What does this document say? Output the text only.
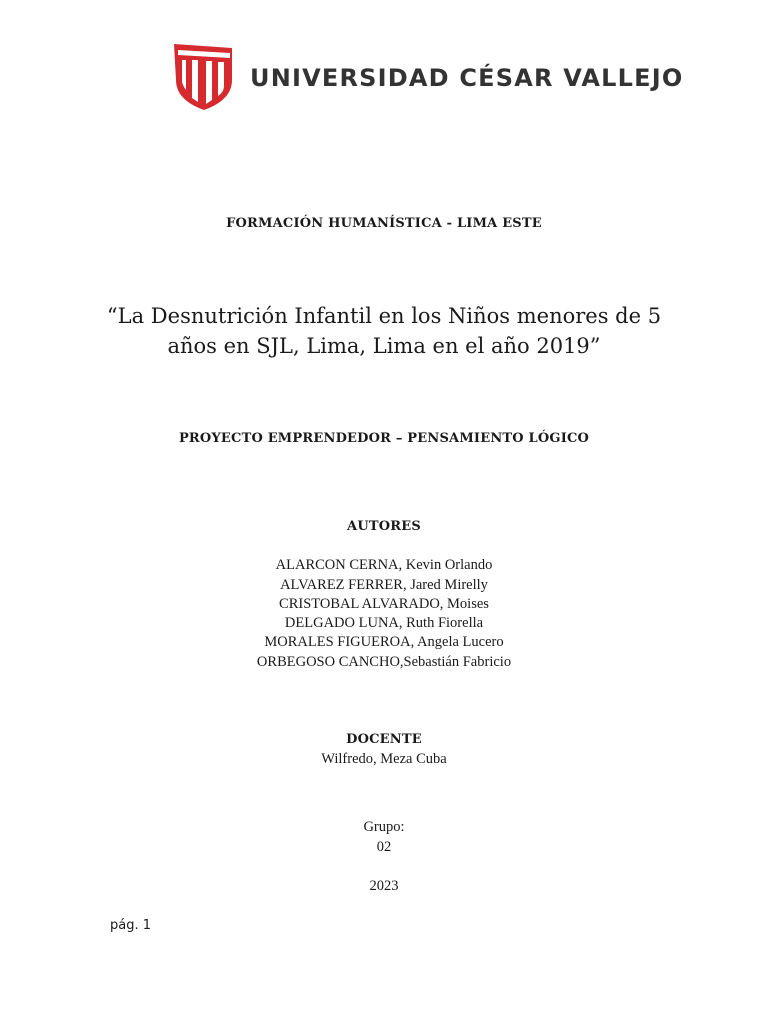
UNIVERSIDAD CÉSAR VALLEJO
FORMACIÓN HUMANÍSTICA - LIMA ESTE
“La Desnutrición Infantil en los Niños menores de 5
años en SJL, Lima, Lima en el año 2019”
PROYECTO EMPRENDEDOR – PENSAMIENTO LÓGICO
AUTORES
ALARCON CERNA, Kevin Orlando
ALVAREZ FERRER, Jared Mirelly
CRISTOBAL ALVARADO, Moises
DELGADO LUNA, Ruth Fiorella
MORALES FIGUEROA, Angela Lucero
ORBEGOSO CANCHO,Sebastián Fabricio
DOCENTE
Wilfredo, Meza Cuba
Grupo:
02
2023
pág. 1
